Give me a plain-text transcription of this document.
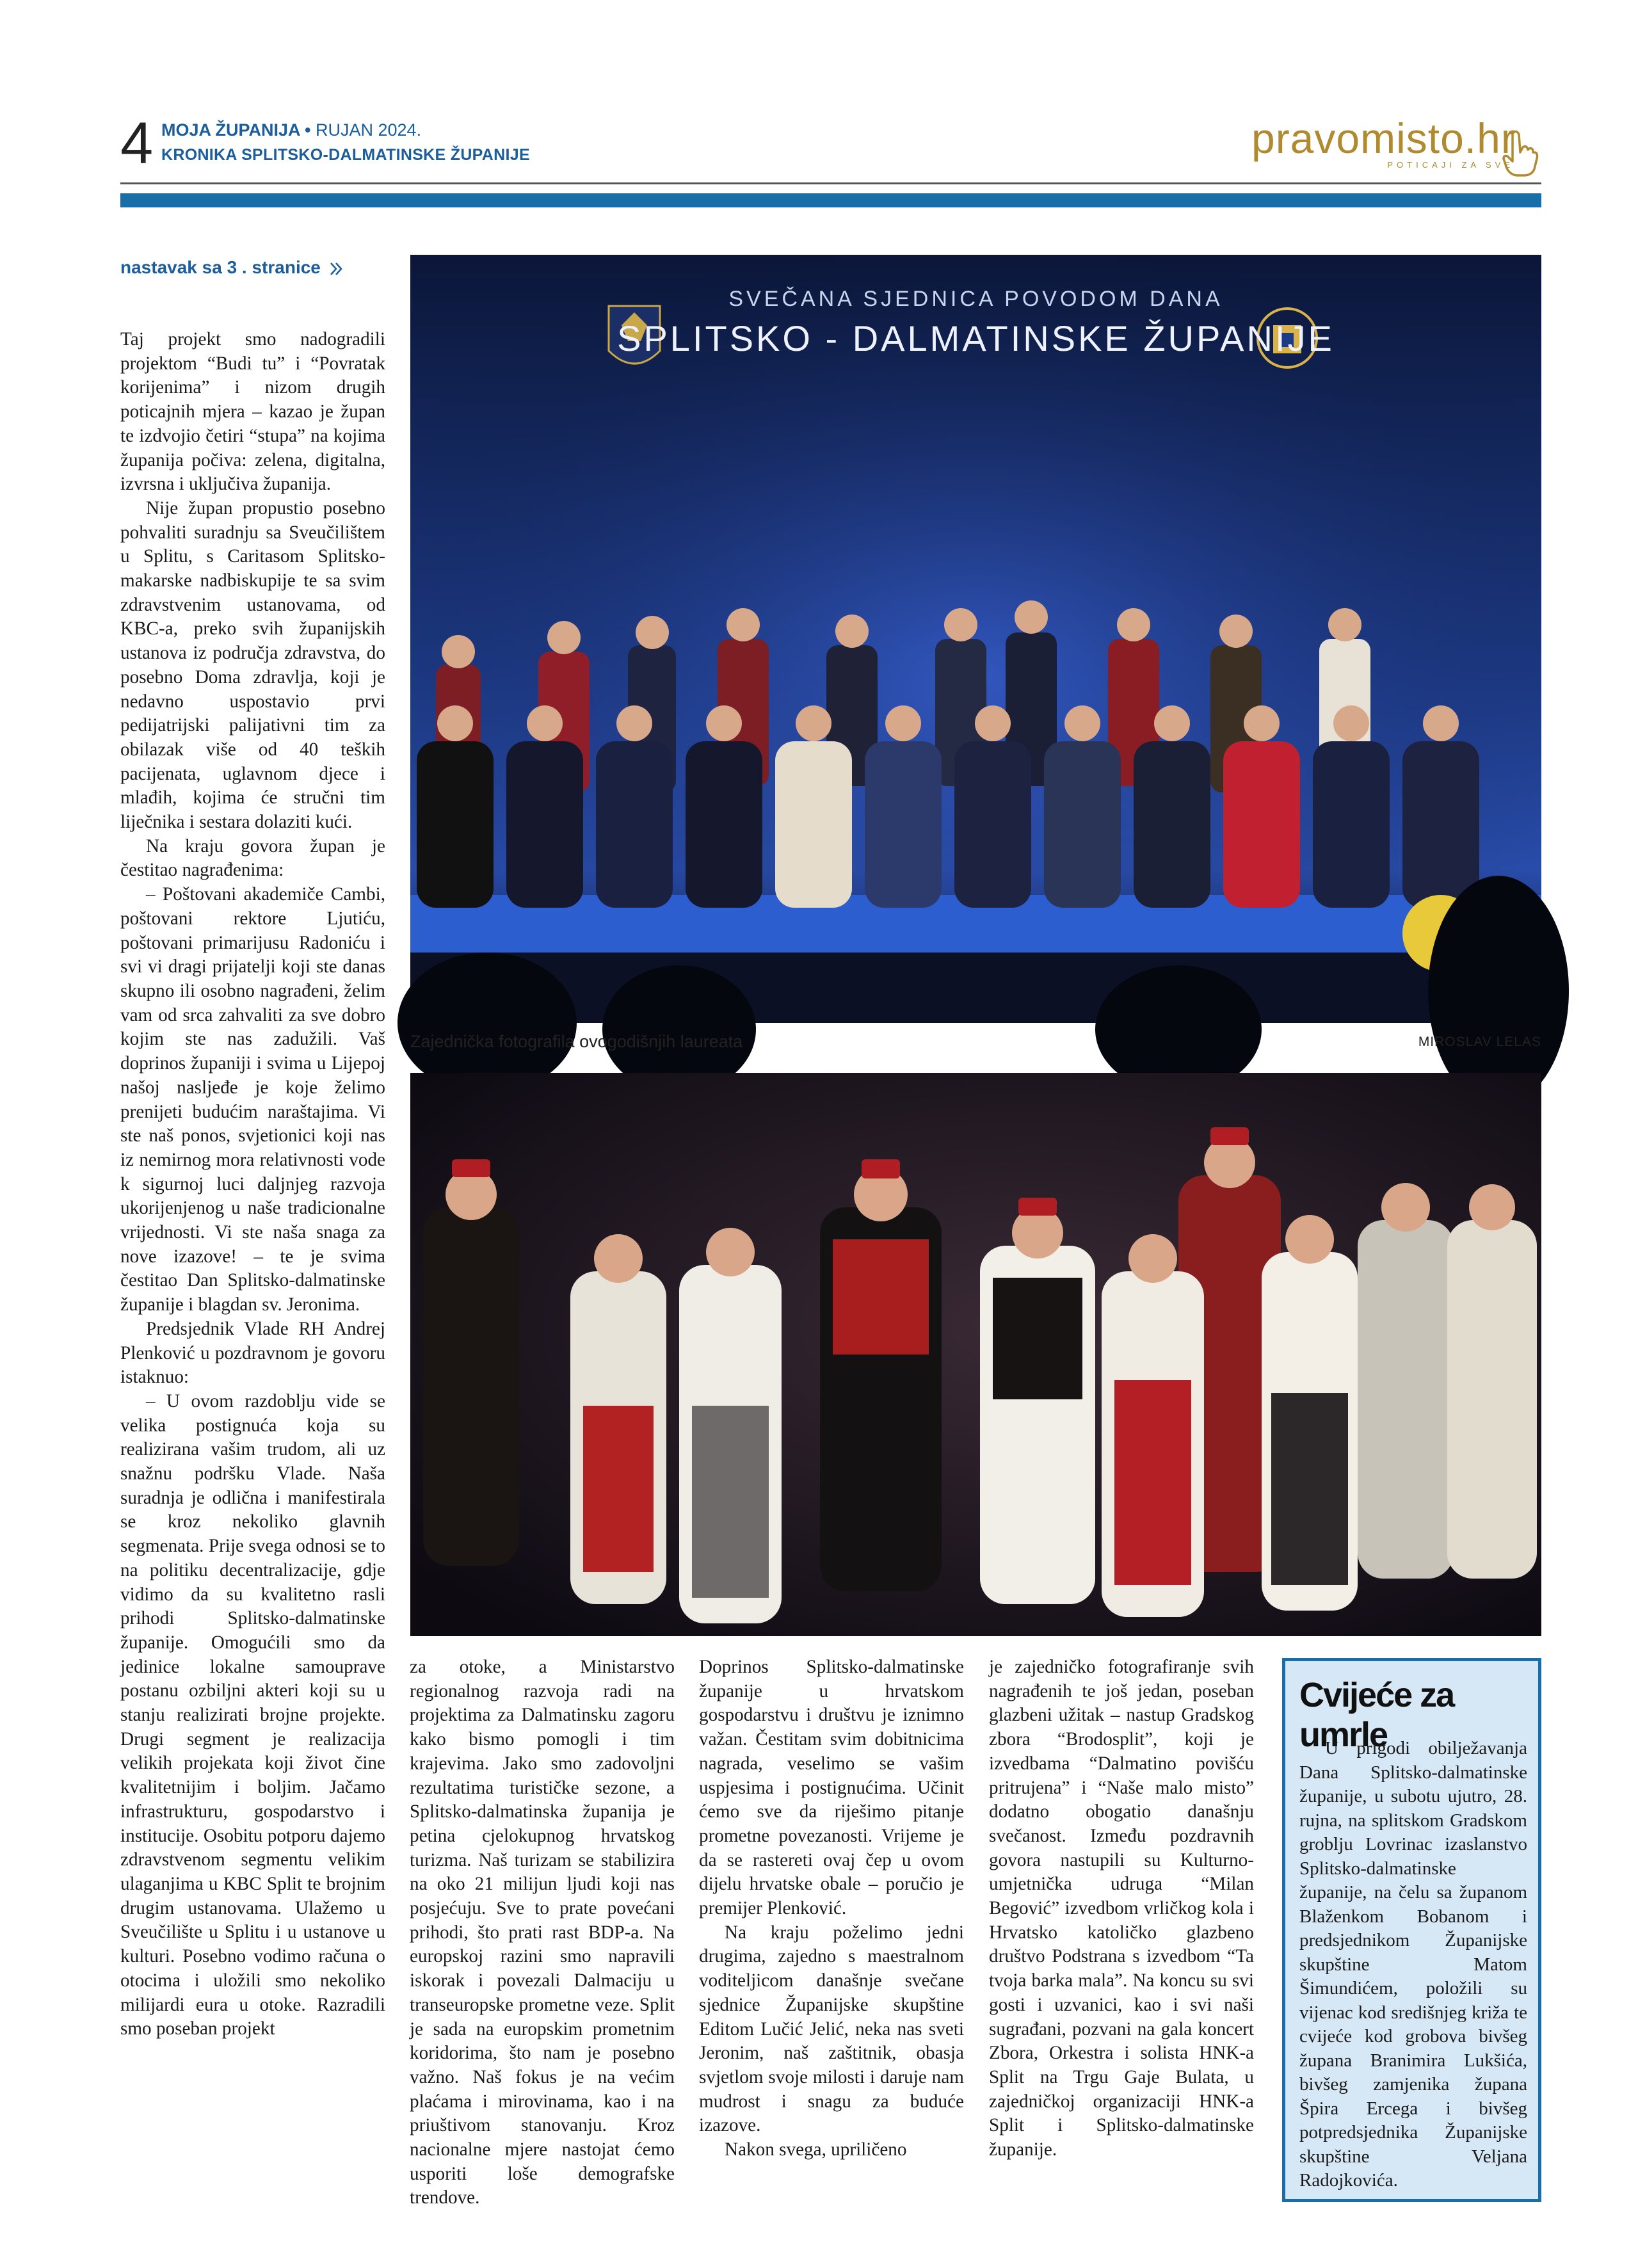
4 MOJA ŽUPANIJA • RUJAN 2024.
KRONIKA SPLITSKO-DALMATINSKE ŽUPANIJE	pravomisto.hr
POTICAJI ZA SVE
nastavak sa 3 . stranice

Taj projekt smo nadogradili projektom “Budi tu” i “Povratak korijenima” i nizom drugih poticajnih mjera – kazao je župan te izdvojio četiri “stupa” na kojima županija počiva: zelena, digitalna, izvrsna i uključiva županija.

Nije župan propustio posebno pohvaliti suradnju sa Sveučilištem u Splitu, s Caritasom Splitsko-makarske nadbiskupije te sa svim zdravstvenim ustanovama, od KBC-a, preko svih županijskih ustanova iz područja zdravstva, do posebno Doma zdravlja, koji je nedavno uspostavio prvi pedijatrijski palijativni tim za obilazak više od 40 teških pacijenata, uglavnom djece i mlađih, kojima će stručni tim liječnika i sestara dolaziti kući.

Na kraju govora župan je čestitao nagrađenima:

– Poštovani akademiče Cambi, poštovani rektore Ljutiću, poštovani primarijusu Radoniću i svi vi dragi prijatelji koji ste danas skupno ili osobno nagrađeni, želim vam od srca zahvaliti za sve dobro kojim ste nas zadužili. Vaš doprinos županiji i svima u Lijepoj našoj nasljeđe je koje želimo prenijeti budućim naraštajima. Vi ste naš ponos, svjetionici koji nas iz nemirnog mora relativnosti vode k sigurnoj luci daljnjeg razvoja ukorijenjenog u naše tradicionalne vrijednosti. Vi ste naša snaga za nove izazove! – te je svima čestitao Dan Splitsko-dalmatinske županije i blagdan sv. Jeronima.

Predsjednik Vlade RH Andrej Plenković u pozdravnom je govoru istaknuo:

– U ovom razdoblju vide se velika postignuća koja su realizirana vašim trudom, ali uz snažnu podršku Vlade. Naša suradnja je odlična i manifestirala se kroz nekoliko glavnih segmenata. Prije svega odnosi se to na politiku decentralizacije, gdje vidimo da su kvalitetno rasli prihodi Splitsko-dalmatinske županije. Omogućili smo da jedinice lokalne samouprave postanu ozbiljni akteri koji su u stanju realizirati brojne projekte. Drugi segment je realizacija velikih projekata koji život čine kvalitetnijim i boljim. Jačamo infrastrukturu, gospodarstvo i institucije. Osobitu potporu dajemo zdravstvenom segmentu velikim ulaganjima u KBC Split te brojnim drugim ustanovama. Ulažemo u Sveučilište u Splitu i u ustanove u kulturi. Posebno vodimo računa o otocima i uložili smo nekoliko milijardi eura u otoke. Razradili smo poseban projekt

SVEČANA SJEDNICA POVODOM DANA
SPLITSKO - DALMATINSKE ŽUPANIJE
Zajednička fotografila ovogodišnjih laureata	MIROSLAV LELAS
KUD Milan Begović iz Vrlike
NIKOLA VILIĆ/CROPIX

za otoke, a Ministarstvo regionalnog razvoja radi na projektima za Dalmatinsku zagoru kako bismo pomogli i tim krajevima. Jako smo zadovoljni rezultatima turističke sezone, a Splitsko-dalmatinska županija je petina cjelokupnog hrvatskog turizma. Naš turizam se stabilizira na oko 21 milijun ljudi koji nas posjećuju. Sve to prate povećani prihodi, što prati rast BDP-a. Na europskoj razini smo napravili iskorak i povezali Dalmaciju u transeuropske prometne veze. Split je sada na europskim prometnim koridorima, što nam je posebno važno. Naš fokus je na većim plaćama i mirovinama, kao i na priuštivom stanovanju. Kroz nacionalne mjere nastojat ćemo usporiti loše demografske trendove.

Doprinos Splitsko-dalmatinske županije u hrvatskom gospodarstvu i društvu je iznimno važan. Čestitam svim dobitnicima nagrada, veselimo se vašim uspjesima i postignućima. Učinit ćemo sve da riješimo pitanje prometne povezanosti. Vrijeme je da se rastereti ovaj čep u ovom dijelu hrvatske obale – poručio je premijer Plenković.

Na kraju poželimo jedni drugima, zajedno s maestralnom voditeljicom današnje svečane sjednice Županijske skupštine Editom Lučić Jelić, neka nas sveti Jeronim, naš zaštitnik, obasja svjetlom svoje milosti i daruje nam mudrost i snagu za buduće izazove.

Nakon svega, upriličeno

je zajedničko fotografiranje svih nagrađenih te još jedan, poseban glazbeni užitak – nastup Gradskog zbora “Brodosplit”, koji je izvedbama “Dalmatino povišću pritrujena” i “Naše malo misto” dodatno obogatio današnju svečanost. Između pozdravnih govora nastupili su Kulturno-umjetnička udruga “Milan Begović” izvedbom vrličkog kola i Hrvatsko katoličko glazbeno društvo Podstrana s izvedbom “Ta tvoja barka mala”. Na koncu su svi gosti i uzvanici, kao i svi naši sugrađani, pozvani na gala koncert Zbora, Orkestra i solista HNK-a Split na Trgu Gaje Bulata, u zajedničkoj organizaciji HNK-a Split i Splitsko-dalmatinske županije.

Cvijeće za umrle

U prigodi obilježavanja Dana Splitsko-dalmatinske županije, u subotu ujutro, 28. rujna, na splitskom Gradskom groblju Lovrinac izaslanstvo Splitsko-dalmatinske županije, na čelu sa županom Blaženkom Bobanom i predsjednikom Županijske skupštine Matom Šimundićem, položili su vijenac kod središnjeg križa te cvijeće kod grobova bivšeg župana Branimira Lukšića, bivšeg zamjenika župana Špira Ercega i bivšeg potpredsjednika Županijske skupštine Veljana Radojkovića.
